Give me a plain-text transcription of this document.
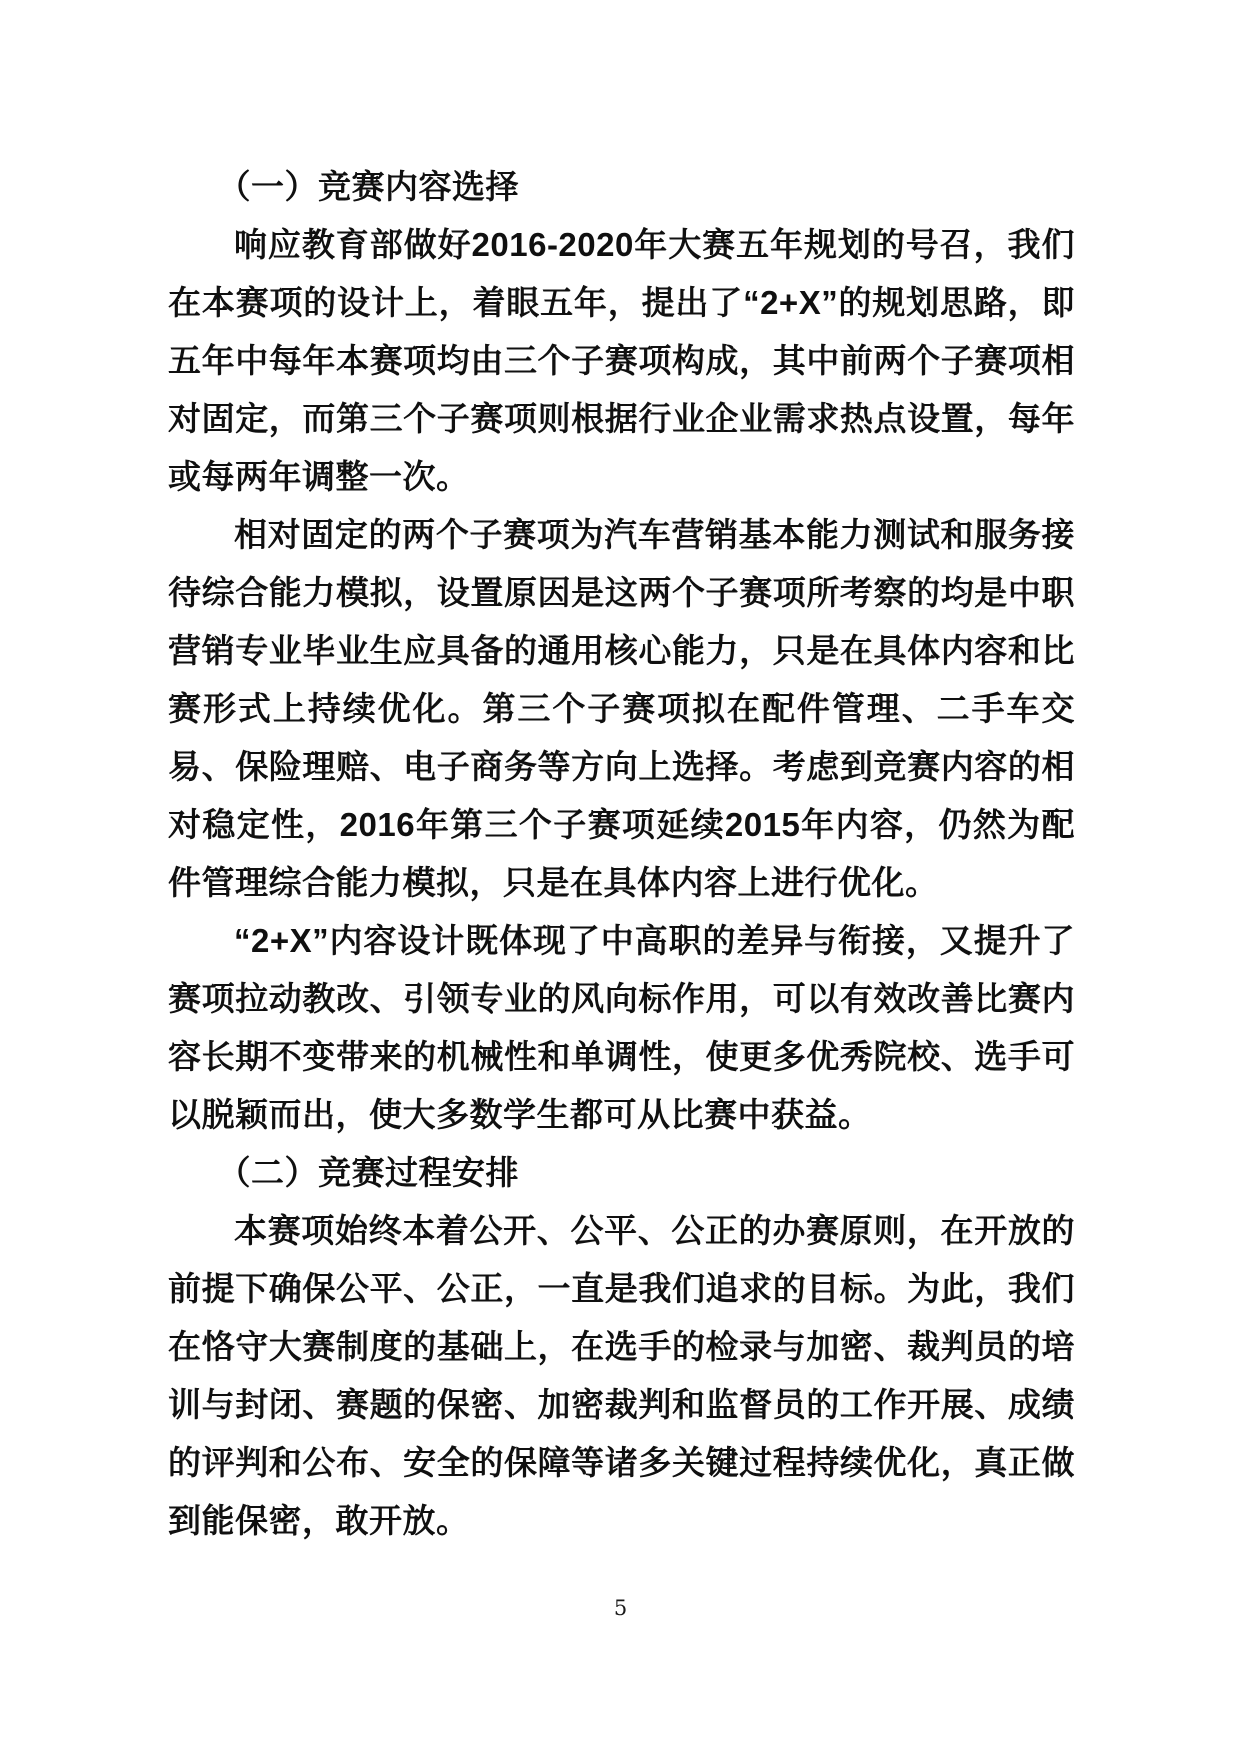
（一）竞赛内容选择

响应教育部做好2016-2020年大赛五年规划的号召，我们在本赛项的设计上，着眼五年，提出了“2+X”的规划思路，即五年中每年本赛项均由三个子赛项构成，其中前两个子赛项相对固定，而第三个子赛项则根据行业企业需求热点设置，每年或每两年调整一次。

相对固定的两个子赛项为汽车营销基本能力测试和服务接待综合能力模拟，设置原因是这两个子赛项所考察的均是中职营销专业毕业生应具备的通用核心能力，只是在具体内容和比赛形式上持续优化。第三个子赛项拟在配件管理、二手车交易、保险理赔、电子商务等方向上选择。考虑到竞赛内容的相对稳定性，2016年第三个子赛项延续2015年内容，仍然为配件管理综合能力模拟，只是在具体内容上进行优化。

“2+X”内容设计既体现了中高职的差异与衔接，又提升了赛项拉动教改、引领专业的风向标作用，可以有效改善比赛内容长期不变带来的机械性和单调性，使更多优秀院校、选手可以脱颖而出，使大多数学生都可从比赛中获益。

（二）竞赛过程安排

本赛项始终本着公开、公平、公正的办赛原则，在开放的前提下确保公平、公正，一直是我们追求的目标。为此，我们在恪守大赛制度的基础上，在选手的检录与加密、裁判员的培训与封闭、赛题的保密、加密裁判和监督员的工作开展、成绩的评判和公布、安全的保障等诸多关键过程持续优化，真正做到能保密，敢开放。

5
